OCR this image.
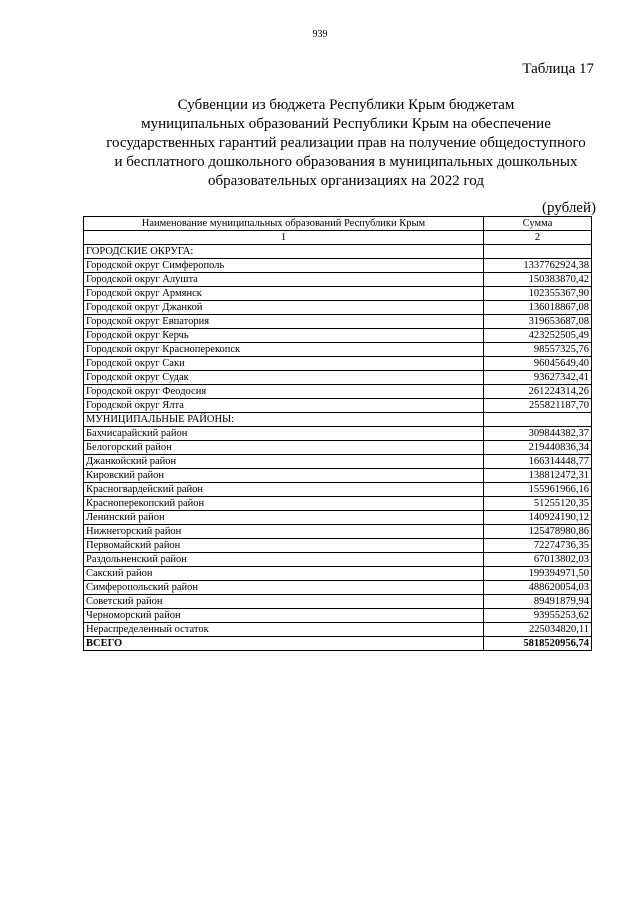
939
Таблица 17
Субвенции из бюджета Республики Крым бюджетам
муниципальных образований Республики Крым на обеспечение
государственных гарантий реализации прав на получение общедоступного
и бесплатного дошкольного образования в муниципальных дошкольных
образовательных организациях на 2022 год
(рублей)
Наименование муниципальных образований Республики Крым	Сумма
1	2
ГОРОДСКИЕ ОКРУГА:	
Городской округ Симферополь	1337762924,38
Городской округ Алушта	150383870,42
Городской округ Армянск	102355367,90
Городской округ Джанкой	136018867,08
Городской округ Евпатория	319653687,08
Городской округ Керчь	423252505,49
Городской округ Красноперекопск	98557325,76
Городской округ Саки	96045649,40
Городской округ Судак	93627342,41
Городской округ Феодосия	261224314,26
Городской округ Ялта	255821187,70
МУНИЦИПАЛЬНЫЕ РАЙОНЫ:	
Бахчисарайский район	309844382,37
Белогорский район	219440836,34
Джанкойский район	166314448,77
Кировский район	138812472,31
Красногвардейский район	155961966,16
Красноперекопский район	51255120,35
Ленинский район	140924190,12
Нижнегорский район	125478980,86
Первомайский район	72274736,35
Раздольненский район	67013802,03
Сакский район	199394971,50
Симферопольский район	488620054,03
Советский район	89491879,94
Черноморский район	93955253,62
Нераспределенный остаток	225034820,11
ВСЕГО	5818520956,74
